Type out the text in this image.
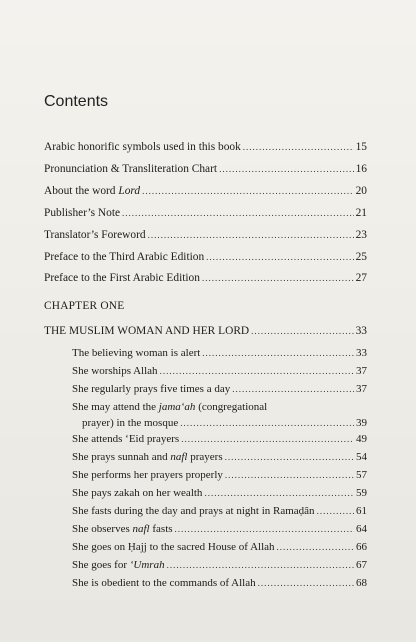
Contents
Arabic honorific symbols used in this book .....	15
Pronunciation & Transliteration Chart .....	16
About the word Lord .....	20
Publisher’s Note .....	21
Translator’s Foreword .....	23
Preface to the Third Arabic Edition .....	25
Preface to the First Arabic Edition .....	27
CHAPTER ONE
THE MUSLIM WOMAN AND HER LORD .....	33
The believing woman is alert .....	33
She worships Allah .....	37
She regularly prays five times a day .....	37
She may attend the jama‘ah (congregational
prayer) in the mosque .....	39
She attends ‘Eid prayers .....	49
She prays sunnah and nafl prayers .....	54
She performs her prayers properly .....	57
She pays zakah on her wealth .....	59
She fasts during the day and prays at night in Ramaḍân .....	61
She observes nafl fasts .....	64
She goes on Ḥajj to the sacred House of Allah .....	66
She goes for ‘Umrah .....	67
She is obedient to the commands of Allah .....	68
